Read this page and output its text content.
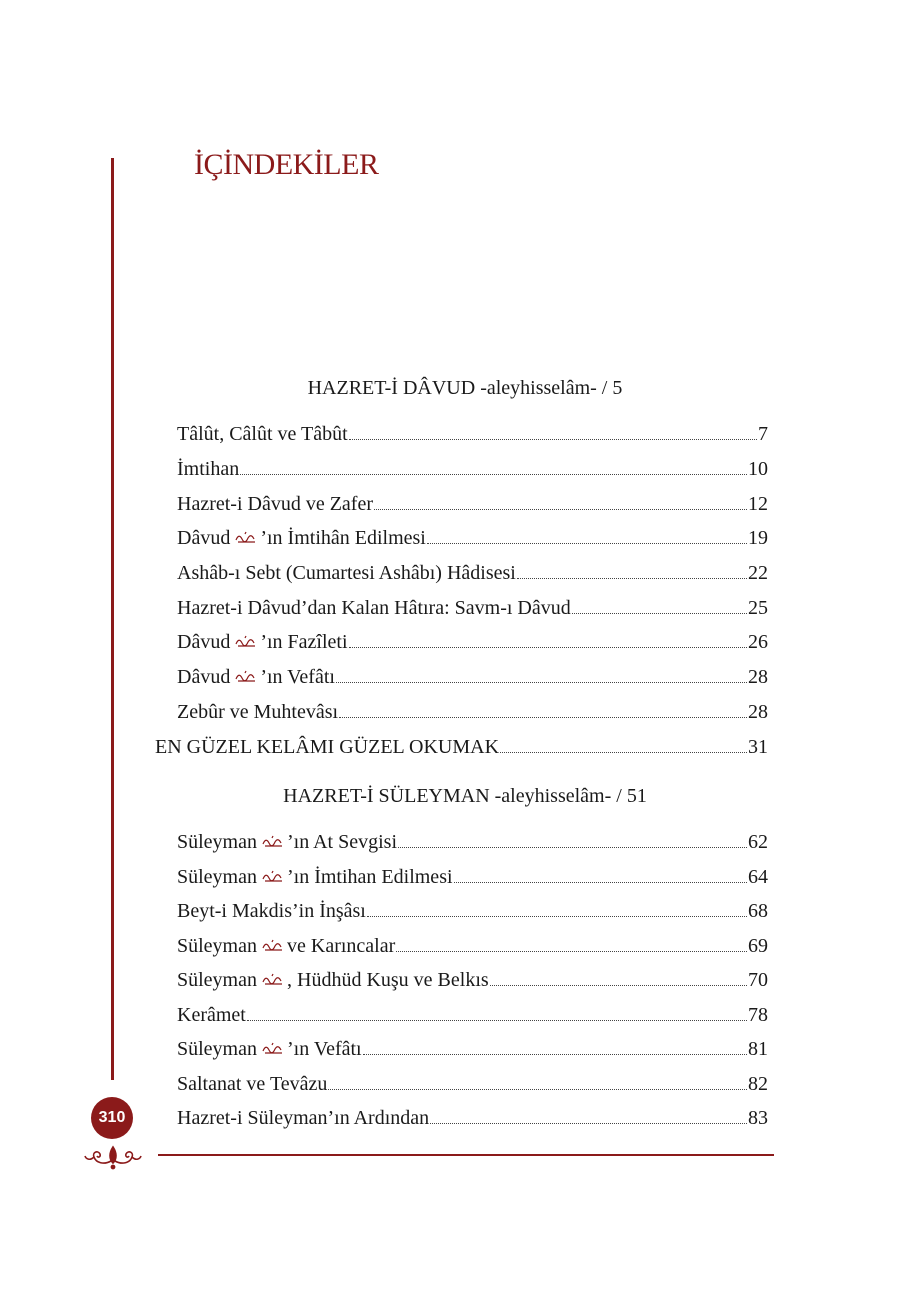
İÇİNDEKİLER
HAZRET-İ DÂVUD -aleyhisselâm- / 5
Tâlût, Câlût ve Tâbût	7
İmtihan	10
Hazret-i Dâvud ve Zafer	12
Dâvud ’ın İmtihân Edilmesi	19
Ashâb-ı Sebt (Cumartesi Ashâbı) Hâdisesi	22
Hazret-i Dâvud’dan Kalan Hâtıra: Savm-ı Dâvud	25
Dâvud ’ın Fazîleti	26
Dâvud ’ın Vefâtı	28
Zebûr ve Muhtevâsı	28
EN GÜZEL KELÂMI GÜZEL OKUMAK	31
HAZRET-İ SÜLEYMAN -aleyhisselâm- / 51
Süleyman ’ın At Sevgisi	62
Süleyman ’ın İmtihan Edilmesi	64
Beyt-i Makdis’in İnşâsı	68
Süleyman ve Karıncalar	69
Süleyman , Hüdhüd Kuşu ve Belkıs	70
Kerâmet	78
Süleyman ’ın Vefâtı	81
Saltanat ve Tevâzu	82
Hazret-i Süleyman’ın Ardından	83
310
